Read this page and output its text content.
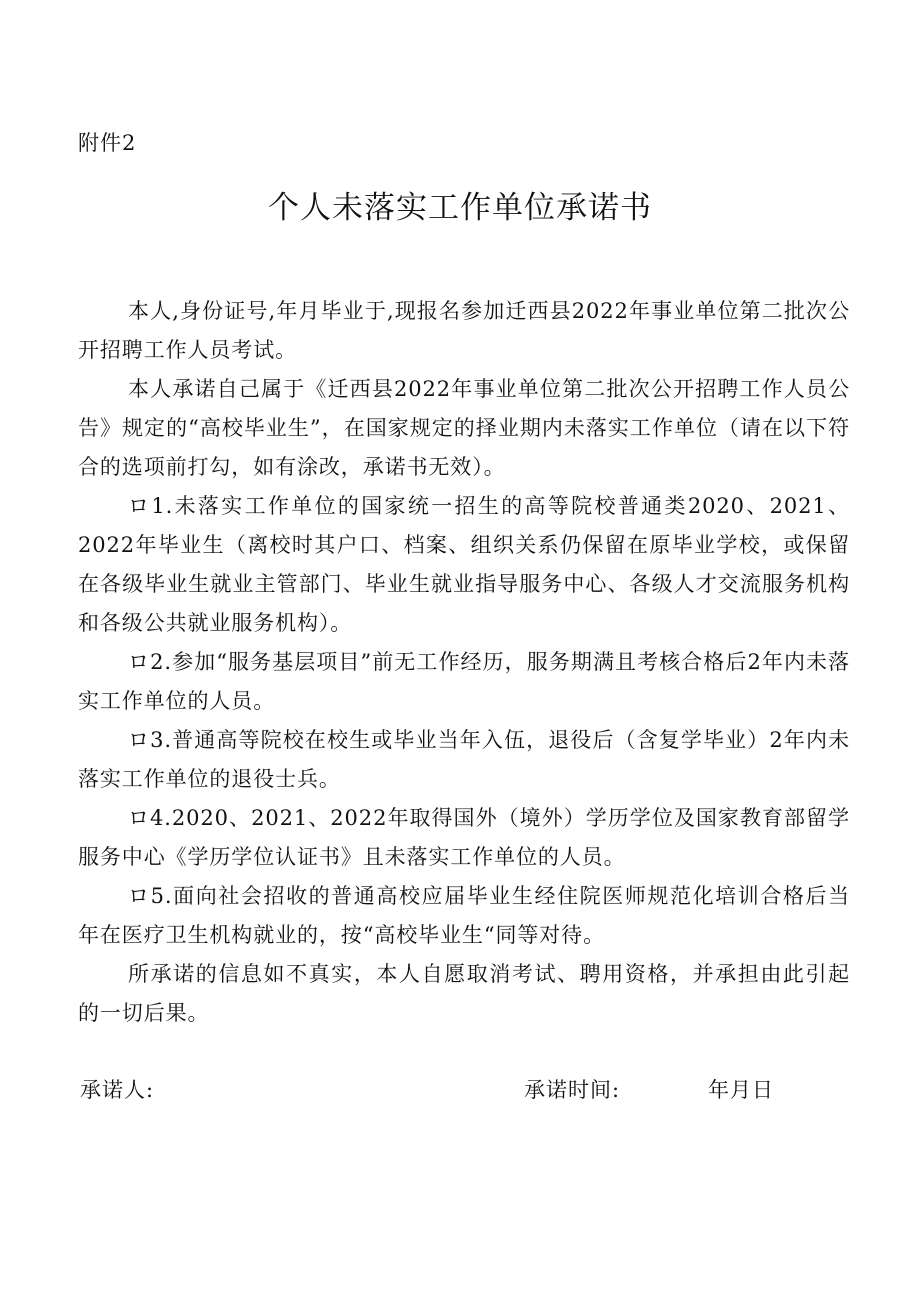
附件2
个人未落实工作单位承诺书

本人,身份证号,年月毕业于,现报名参加迁西县2022年事业单位第二批次公开招聘工作人员考试。

本人承诺自己属于《迁西县2022年事业单位第二批次公开招聘工作人员公告》规定的“高校毕业生”，在国家规定的择业期内未落实工作单位（请在以下符合的选项前打勾，如有涂改，承诺书无效）。

ロ1.未落实工作单位的国家统一招生的高等院校普通类2020、2021、2022年毕业生（离校时其户口、档案、组织关系仍保留在原毕业学校，或保留在各级毕业生就业主管部门、毕业生就业指导服务中心、各级人才交流服务机构和各级公共就业服务机构）。

ロ2.参加“服务基层项目”前无工作经历，服务期满且考核合格后2年内未落实工作单位的人员。

ロ3.普通高等院校在校生或毕业当年入伍，退役后（含复学毕业）2年内未落实工作单位的退役士兵。

ロ4.2020、2021、2022年取得国外（境外）学历学位及国家教育部留学服务中心《学历学位认证书》且未落实工作单位的人员。

ロ5.面向社会招收的普通高校应届毕业生经住院医师规范化培训合格后当年在医疗卫生机构就业的，按“高校毕业生“同等对待。

所承诺的信息如不真实，本人自愿取消考试、聘用资格，并承担由此引起的一切后果。

承诺人:	承诺时间:	年月日
